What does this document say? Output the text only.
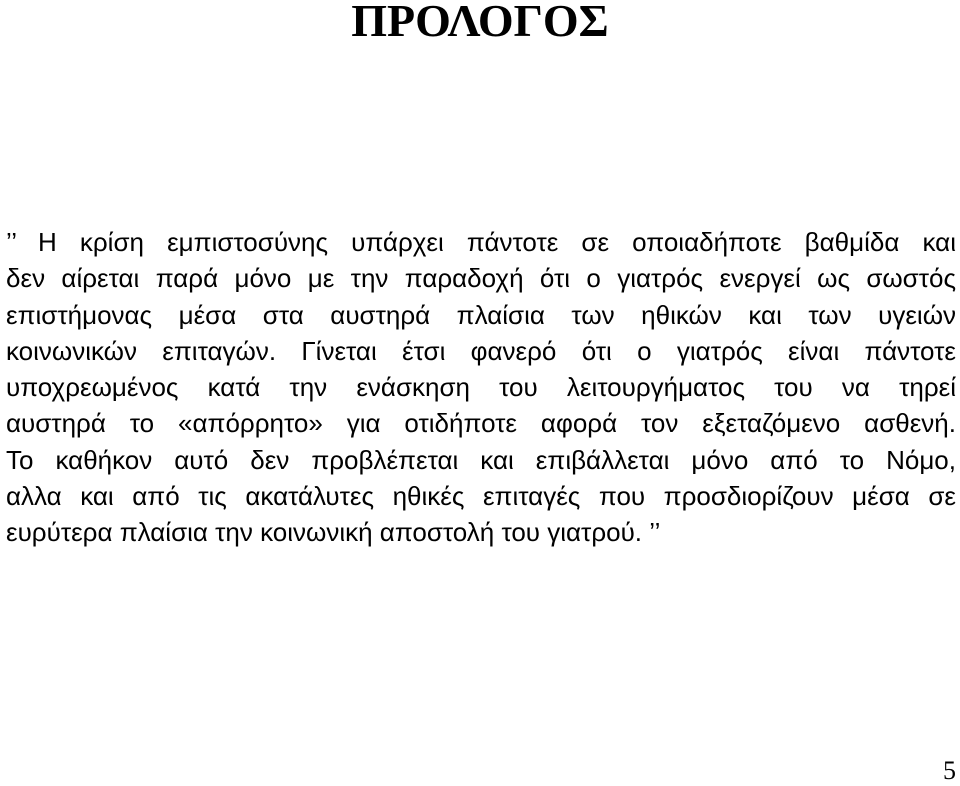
ΠΡΟΛΟΓΟΣ
’’ Η κρίση εμπιστοσύνης υπάρχει πάντοτε σε οποιαδήποτε βαθμίδα και
δεν αίρεται παρά μόνο με την παραδοχή ότι ο γιατρός ενεργεί ως σωστός
επιστήμονας μέσα στα αυστηρά πλαίσια των ηθικών και των υγειών
κοινωνικών επιταγών. Γίνεται έτσι φανερό ότι ο γιατρός είναι πάντοτε
υποχρεωμένος κατά την ενάσκηση του λειτουργήματος του να τηρεί
αυστηρά το «απόρρητο» για οτιδήποτε αφορά τον εξεταζόμενο ασθενή.
Το καθήκον αυτό δεν προβλέπεται και επιβάλλεται μόνο από το Νόμο,
αλλα και από τις ακατάλυτες ηθικές επιταγές που προσδιορίζουν μέσα σε
ευρύτερα πλαίσια την κοινωνική αποστολή του γιατρού. ’’
5
